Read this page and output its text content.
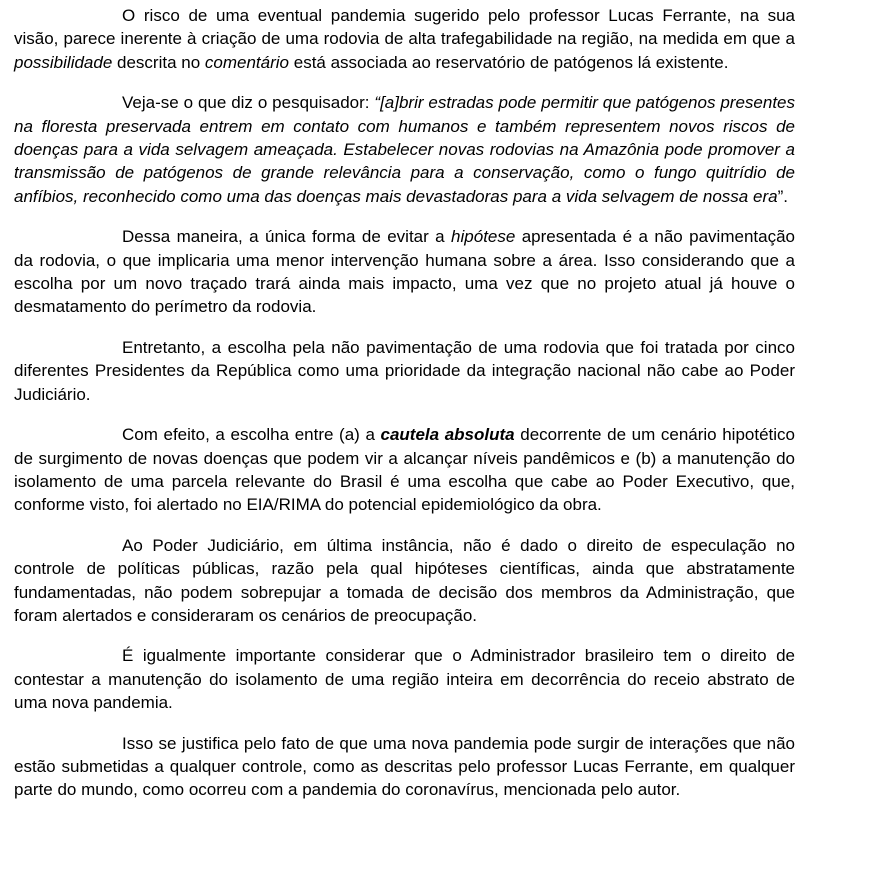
O risco de uma eventual pandemia sugerido pelo professor Lucas Ferrante, na sua visão, parece inerente à criação de uma rodovia de alta trafegabilidade na região, na medida em que a possibilidade descrita no comentário está associada ao reservatório de patógenos lá existente.

Veja-se o que diz o pesquisador: “[a]brir estradas pode permitir que patógenos presentes na floresta preservada entrem em contato com humanos e também representem novos riscos de doenças para a vida selvagem ameaçada. Estabelecer novas rodovias na Amazônia pode promover a transmissão de patógenos de grande relevância para a conservação, como o fungo quitrídio de anfíbios, reconhecido como uma das doenças mais devastadoras para a vida selvagem de nossa era”.

Dessa maneira, a única forma de evitar a hipótese apresentada é a não pavimentação da rodovia, o que implicaria uma menor intervenção humana sobre a área. Isso considerando que a escolha por um novo traçado trará ainda mais impacto, uma vez que no projeto atual já houve o desmatamento do perímetro da rodovia.

Entretanto, a escolha pela não pavimentação de uma rodovia que foi tratada por cinco diferentes Presidentes da República como uma prioridade da integração nacional não cabe ao Poder Judiciário.

Com efeito, a escolha entre (a) a cautela absoluta decorrente de um cenário hipotético de surgimento de novas doenças que podem vir a alcançar níveis pandêmicos e (b) a manutenção do isolamento de uma parcela relevante do Brasil é uma escolha que cabe ao Poder Executivo, que, conforme visto, foi alertado no EIA/RIMA do potencial epidemiológico da obra.

Ao Poder Judiciário, em última instância, não é dado o direito de especulação no controle de políticas públicas, razão pela qual hipóteses científicas, ainda que abstratamente fundamentadas, não podem sobrepujar a tomada de decisão dos membros da Administração, que foram alertados e consideraram os cenários de preocupação.

É igualmente importante considerar que o Administrador brasileiro tem o direito de contestar a manutenção do isolamento de uma região inteira em decorrência do receio abstrato de uma nova pandemia.

Isso se justifica pelo fato de que uma nova pandemia pode surgir de interações que não estão submetidas a qualquer controle, como as descritas pelo professor Lucas Ferrante, em qualquer parte do mundo, como ocorreu com a pandemia do coronavírus, mencionada pelo autor.
